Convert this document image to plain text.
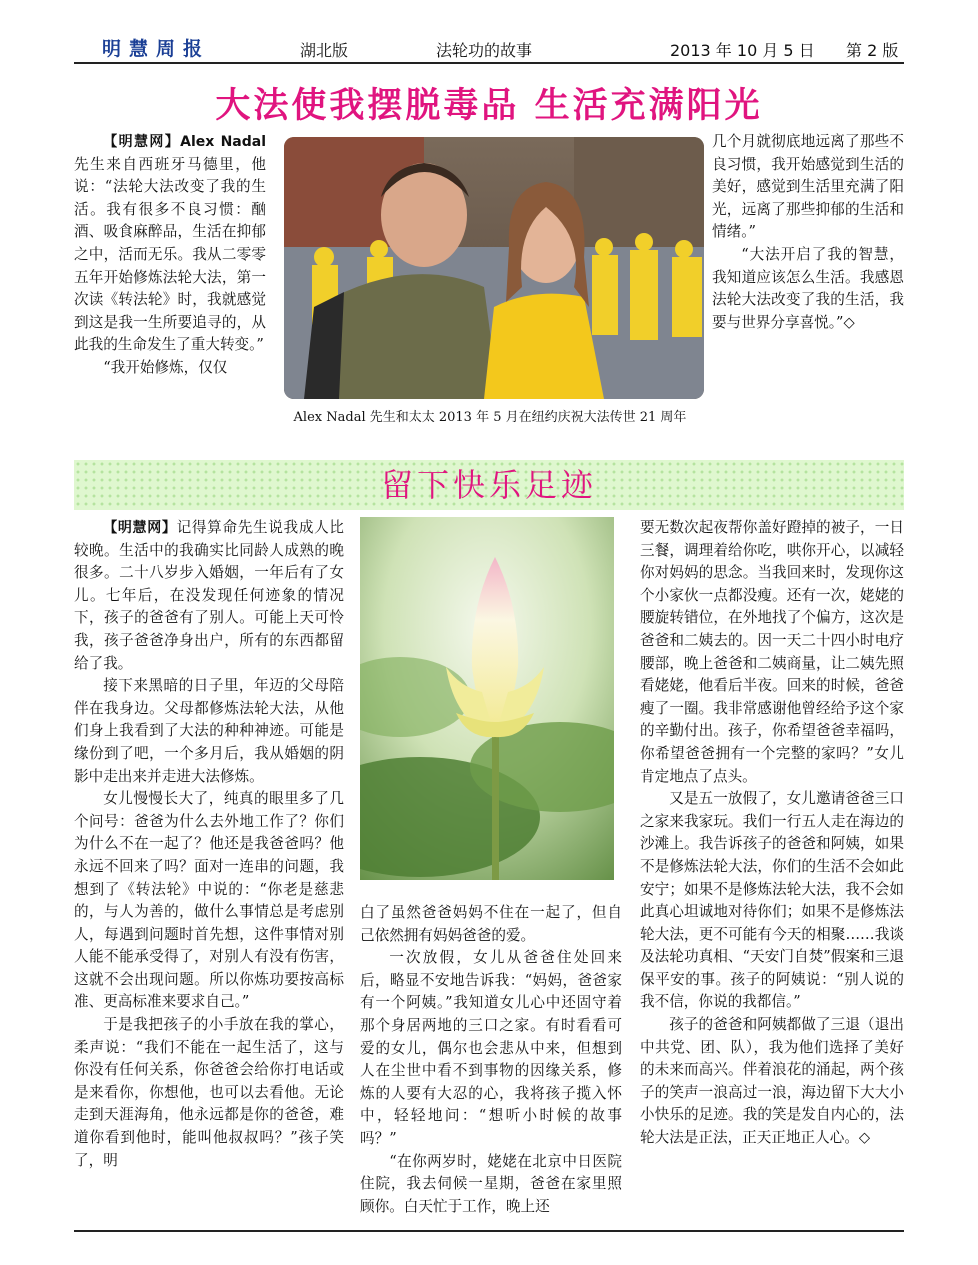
明慧周报	湖北版	法轮功的故事	2013 年 10 月 5 日 第 2 版
大法使我摆脱毒品 生活充满阳光

【明慧网】Alex Nadal先生来自西班牙马德里，他说：“法轮大法改变了我的生活。我有很多不良习惯：酗酒、吸食麻醉品，生活在抑郁之中，活而无乐。我从二零零五年开始修炼法轮大法，第一次读《转法轮》时，我就感觉到这是我一生所要追寻的，从此我的生命发生了重大转变。”

“我开始修炼，仅仅

Alex Nadal 先生和太太 2013 年 5 月在纽约庆祝大法传世 21 周年

几个月就彻底地远离了那些不良习惯，我开始感觉到生活的美好，感觉到生活里充满了阳光，远离了那些抑郁的生活和情绪。”

“大法开启了我的智慧，我知道应该怎么生活。我感恩法轮大法改变了我的生活，我要与世界分享喜悦。”◇

留下快乐足迹

【明慧网】记得算命先生说我成人比较晚。生活中的我确实比同龄人成熟的晚很多。二十八岁步入婚姻，一年后有了女儿。七年后，在没发现任何迹象的情况下，孩子的爸爸有了别人。可能上天可怜我，孩子爸爸净身出户，所有的东西都留给了我。

接下来黑暗的日子里，年迈的父母陪伴在我身边。父母都修炼法轮大法，从他们身上我看到了大法的种种神迹。可能是缘份到了吧，一个多月后，我从婚姻的阴影中走出来并走进大法修炼。

女儿慢慢长大了，纯真的眼里多了几个问号：爸爸为什么去外地工作了？你们为什么不在一起了？他还是我爸爸吗？他永远不回来了吗？面对一连串的问题，我想到了《转法轮》中说的：“你老是慈悲的，与人为善的，做什么事情总是考虑别人，每遇到问题时首先想，这件事情对别人能不能承受得了，对别人有没有伤害，这就不会出现问题。所以你炼功要按高标准、更高标准来要求自己。”

于是我把孩子的小手放在我的掌心，柔声说：“我们不能在一起生活了，这与你没有任何关系，你爸爸会给你打电话或是来看你，你想他，也可以去看他。无论走到天涯海角，他永远都是你的爸爸，难道你看到他时，能叫他叔叔吗？”孩子笑了，明

白了虽然爸爸妈妈不住在一起了，但自己依然拥有妈妈爸爸的爱。

一次放假，女儿从爸爸住处回来后，略显不安地告诉我：“妈妈，爸爸家有一个阿姨。”我知道女儿心中还固守着那个身居两地的三口之家。有时看看可爱的女儿，偶尔也会悲从中来，但想到人在尘世中看不到事物的因缘关系，修炼的人要有大忍的心，我将孩子揽入怀中，轻轻地问：“想听小时候的故事吗？”

“在你两岁时，姥姥在北京中日医院住院，我去伺候一星期，爸爸在家里照顾你。白天忙于工作，晚上还

要无数次起夜帮你盖好蹬掉的被子，一日三餐，调理着给你吃，哄你开心，以减轻你对妈妈的思念。当我回来时，发现你这个小家伙一点都没瘦。还有一次，姥姥的腰旋转错位，在外地找了个偏方，这次是爸爸和二姨去的。因一天二十四小时电疗腰部，晚上爸爸和二姨商量，让二姨先照看姥姥，他看后半夜。回来的时候，爸爸瘦了一圈。我非常感谢他曾经给予这个家的辛勤付出。孩子，你希望爸爸幸福吗，你希望爸爸拥有一个完整的家吗？”女儿肯定地点了点头。

又是五一放假了，女儿邀请爸爸三口之家来我家玩。我们一行五人走在海边的沙滩上。我告诉孩子的爸爸和阿姨，如果不是修炼法轮大法，你们的生活不会如此安宁；如果不是修炼法轮大法，我不会如此真心坦诚地对待你们；如果不是修炼法轮大法，更不可能有今天的相聚……我谈及法轮功真相、“天安门自焚”假案和三退保平安的事。孩子的阿姨说：“别人说的我不信，你说的我都信。”

孩子的爸爸和阿姨都做了三退（退出中共党、团、队），我为他们选择了美好的未来而高兴。伴着浪花的涌起，两个孩子的笑声一浪高过一浪，海边留下大大小小快乐的足迹。我的笑是发自内心的，法轮大法是正法，正天正地正人心。◇
